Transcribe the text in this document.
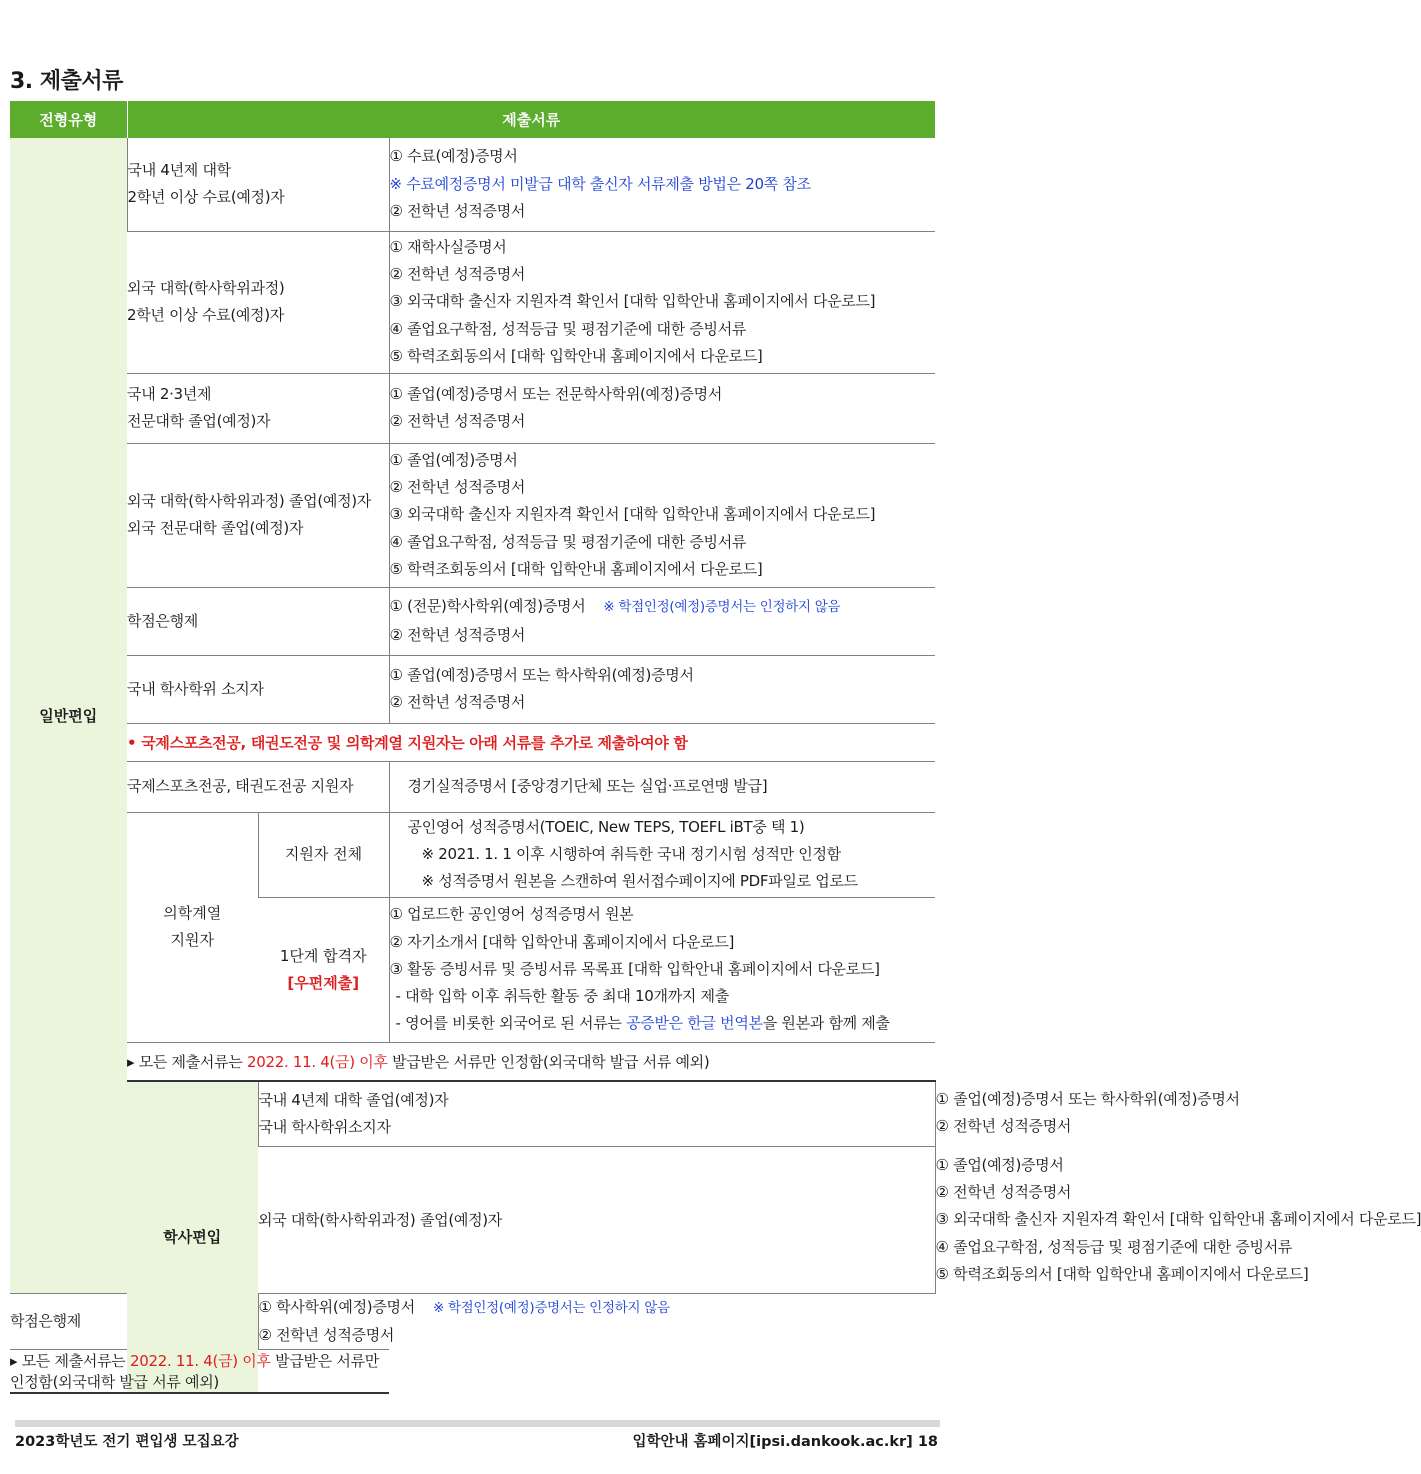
3. 제출서류
전형유형	제출서류			
일반편입	국내 4년제 대학
2학년 이상 수료(예정)자		① 수료(예정)증명서
※ 수료예정증명서 미발급 대학 출신자 서류제출 방법은 20쪽 참조
② 전학년 성적증명서	

	외국 대학(학사학위과정)
2학년 이상 수료(예정)자		① 재학사실증명서
② 전학년 성적증명서
③ 외국대학 출신자 지원자격 확인서 [대학 입학안내 홈페이지에서 다운로드]
④ 졸업요구학점, 성적등급 및 평점기준에 대한 증빙서류
⑤ 학력조회동의서 [대학 입학안내 홈페이지에서 다운로드]	

	국내 2·3년제
전문대학 졸업(예정)자		① 졸업(예정)증명서 또는 전문학사학위(예정)증명서
② 전학년 성적증명서	

	외국 대학(학사학위과정) 졸업(예정)자
외국 전문대학 졸업(예정)자		① 졸업(예정)증명서
② 전학년 성적증명서
③ 외국대학 출신자 지원자격 확인서 [대학 입학안내 홈페이지에서 다운로드]
④ 졸업요구학점, 성적등급 및 평점기준에 대한 증빙서류
⑤ 학력조회동의서 [대학 입학안내 홈페이지에서 다운로드]	

	학점은행제		① (전문)학사학위(예정)증명서 ※ 학점인정(예정)증명서는 인정하지 않음
② 전학년 성적증명서	

	국내 학사학위 소지자		① 졸업(예정)증명서 또는 학사학위(예정)증명서
② 전학년 성적증명서	

	• 국제스포츠전공, 태권도전공 및 의학계열 지원자는 아래 서류를 추가로 제출하여야 함			
	국제스포츠전공, 태권도전공 지원자		경기실적증명서 [중앙경기단체 또는 실업·프로연맹 발급]	

	의학계열
지원자	지원자 전체	공인영어 성적증명서(TOEIC, New TEPS, TOEFL iBT중 택 1)
※ 2021. 1. 1 이후 시행하여 취득한 국내 정기시험 성적만 인정함
※ 성적증명서 원본을 스캔하여 원서접수페이지에 PDF파일로 업로드	

		1단계 합격자
[우편제출]	① 업로드한 공인영어 성적증명서 원본
② 자기소개서 [대학 입학안내 홈페이지에서 다운로드]
③ 활동 증빙서류 및 증빙서류 목록표 [대학 입학안내 홈페이지에서 다운로드]
- 대학 입학 이후 취득한 활동 중 최대 10개까지 제출
- 영어를 비롯한 외국어로 된 서류는 공증받은 한글 번역본을 원본과 함께 제출	

	▸ 모든 제출서류는 2022. 11. 4(금) 이후 발급받은 서류만 인정함(외국대학 발급 서류 예외)			
	학사편입	국내 4년제 대학 졸업(예정)자
국내 학사학위소지자		① 졸업(예정)증명서 또는 학사학위(예정)증명서
② 전학년 성적증명서

		외국 대학(학사학위과정) 졸업(예정)자		① 졸업(예정)증명서
② 전학년 성적증명서
③ 외국대학 출신자 지원자격 확인서 [대학 입학안내 홈페이지에서 다운로드]
④ 졸업요구학점, 성적등급 및 평점기준에 대한 증빙서류
⑤ 학력조회동의서 [대학 입학안내 홈페이지에서 다운로드]

학점은행제		① 학사학위(예정)증명서 ※ 학점인정(예정)증명서는 인정하지 않음
② 전학년 성적증명서		

▸ 모든 제출서류는 2022. 11. 4(금) 이후 발급받은 서류만 인정함(외국대학 발급 서류 예외)				
2023학년도 전기 편입생 모집요강	입학안내 홈페이지[ipsi.dankook.ac.kr] 18
